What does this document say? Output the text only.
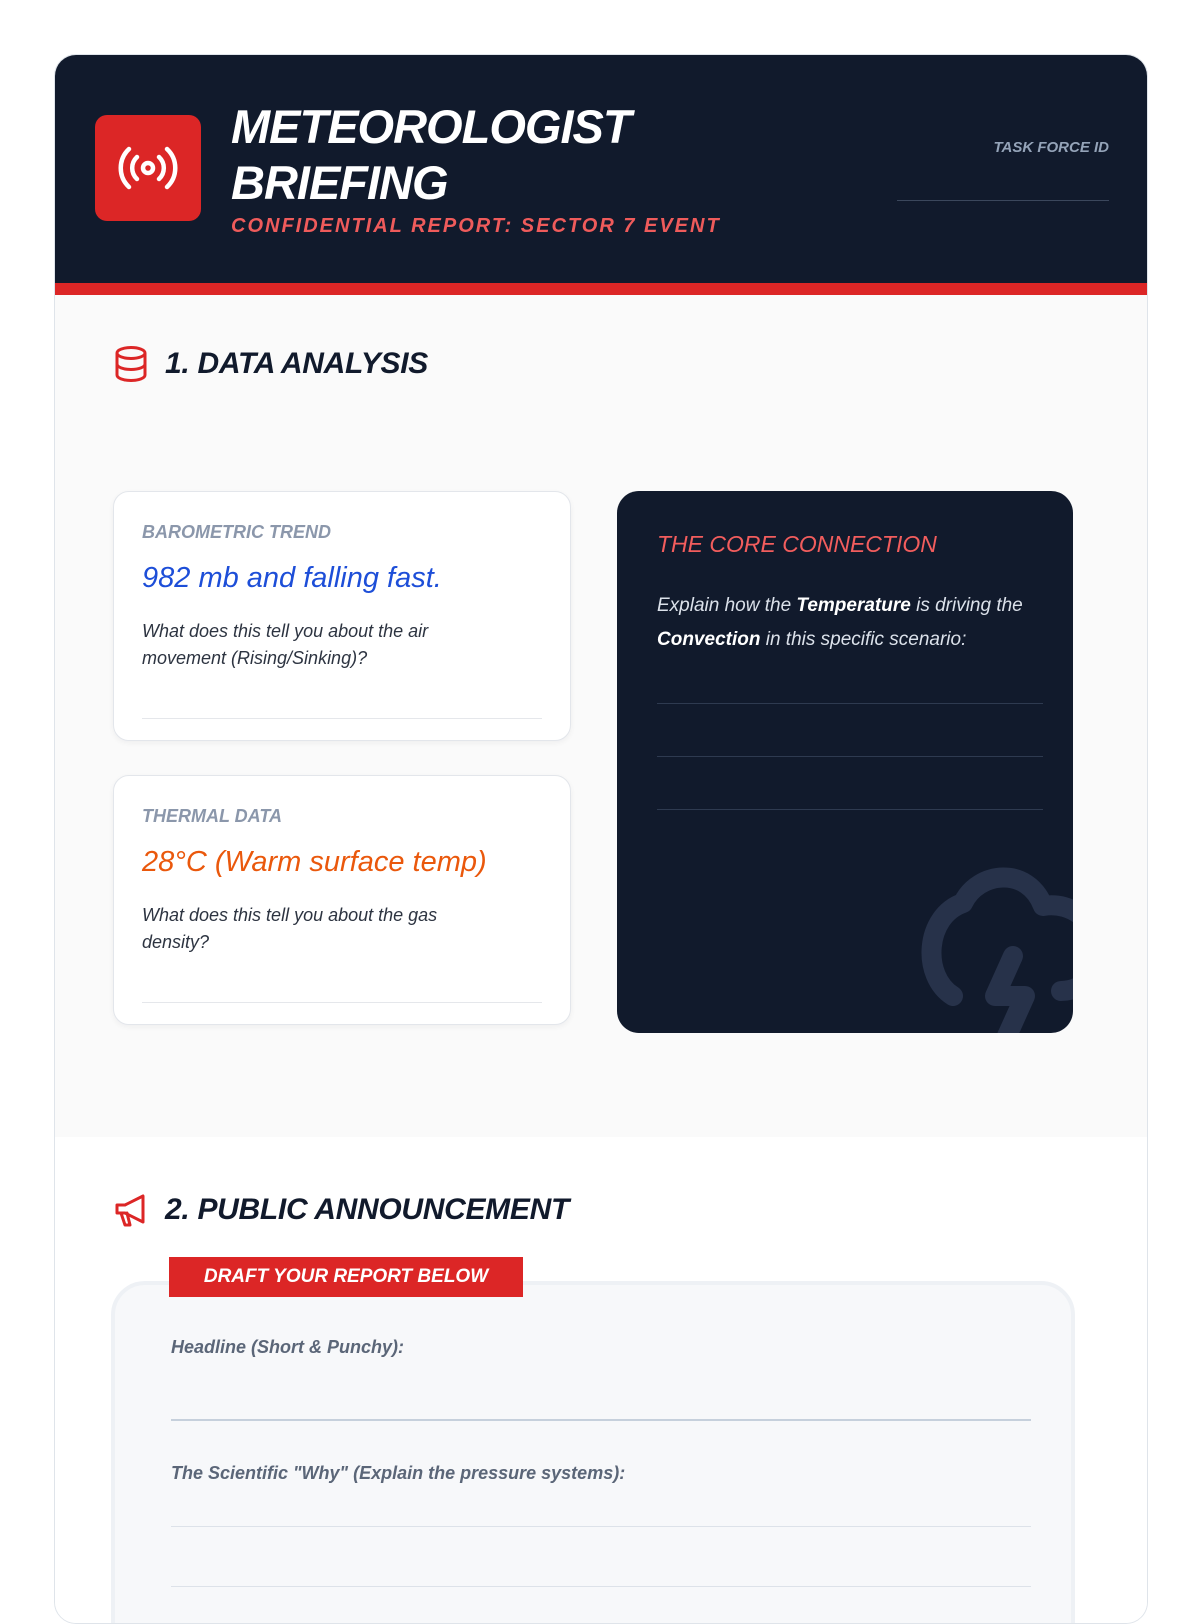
METEOROLOGIST
BRIEFING
CONFIDENTIAL REPORT: SECTOR 7 EVENT
TASK FORCE ID
1. DATA ANALYSIS
BAROMETRIC TREND
982 mb and falling fast.
What does this tell you about the air movement (Rising/Sinking)?
THERMAL DATA
28°C (Warm surface temp)
What does this tell you about the gas density?
THE CORE CONNECTION
Explain how the Temperature is driving the Convection in this specific scenario:
2. PUBLIC ANNOUNCEMENT
DRAFT YOUR REPORT BELOW
Headline (Short & Punchy):
The Scientific "Why" (Explain the pressure systems):
